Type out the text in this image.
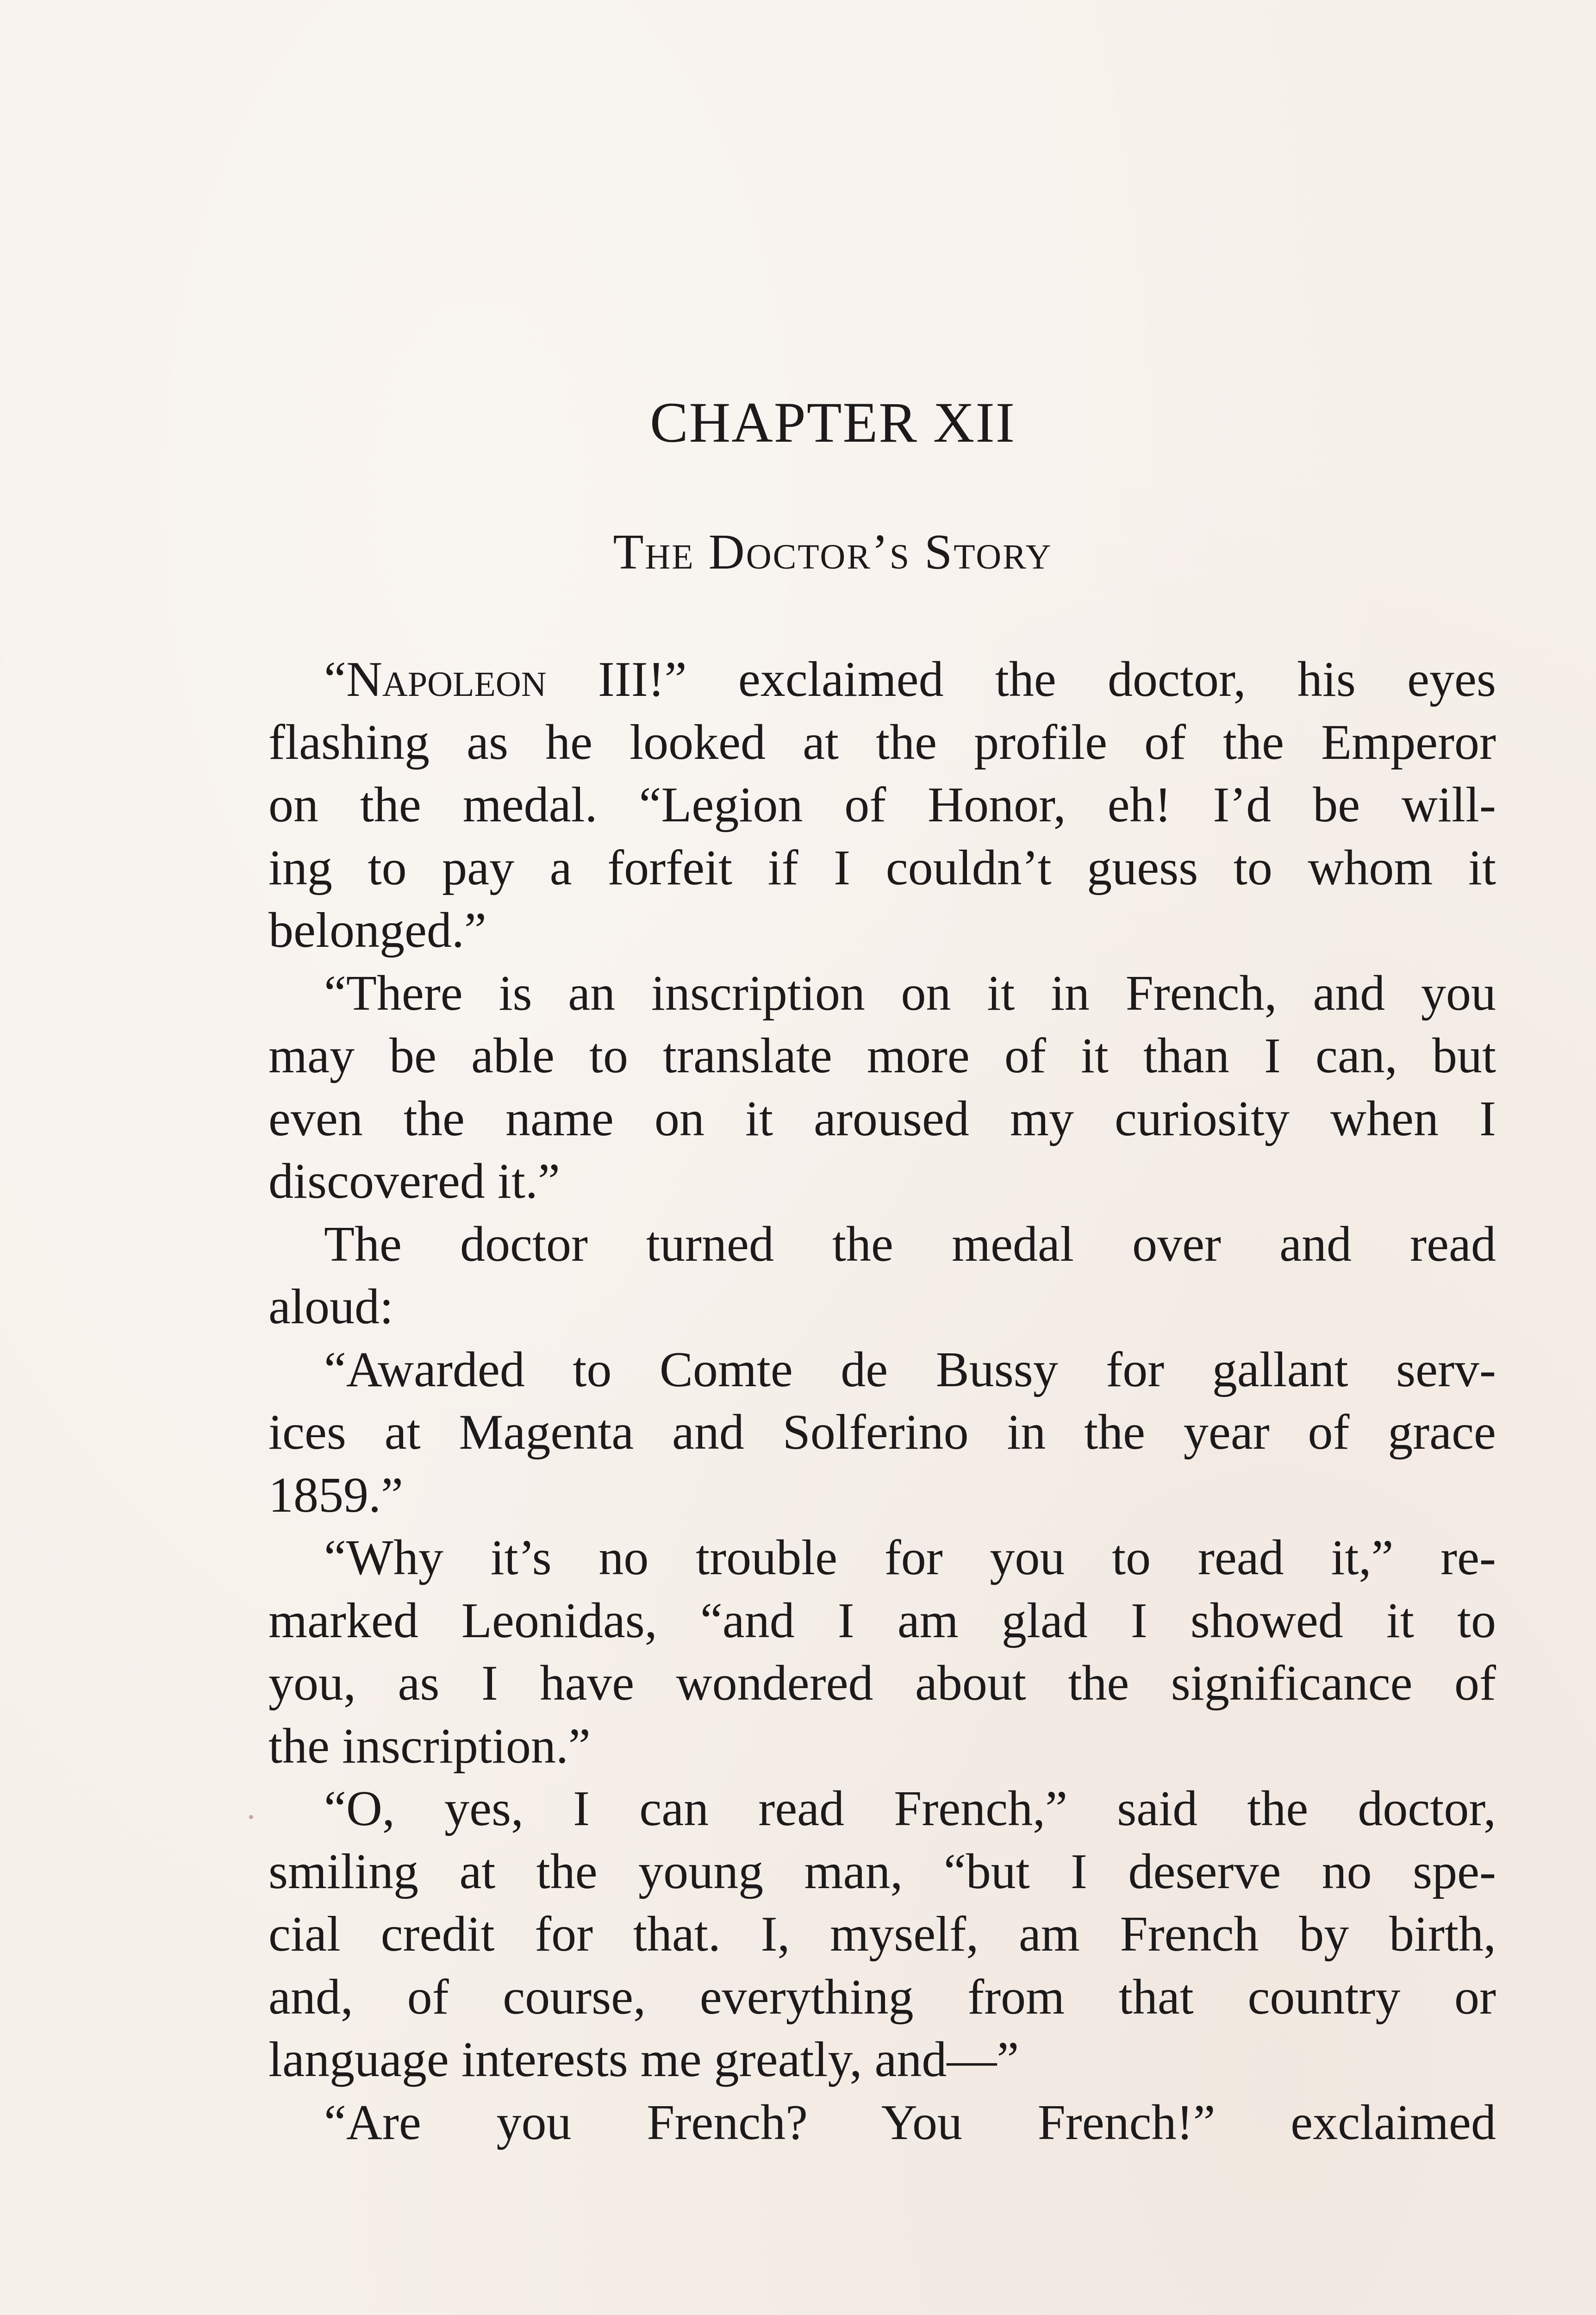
CHAPTER XII
The Doctor’s Story
“Napoleon III!” exclaimed the doctor, his eyes
flashing as he looked at the profile of the Emperor
on the medal. “Legion of Honor, eh! I’d be will-
ing to pay a forfeit if I couldn’t guess to whom it
belonged.”
“There is an inscription on it in French, and you
may be able to translate more of it than I can, but
even the name on it aroused my curiosity when I
discovered it.”
The doctor turned the medal over and read
aloud:
“Awarded to Comte de Bussy for gallant serv-
ices at Magenta and Solferino in the year of grace
1859.”
“Why it’s no trouble for you to read it,” re-
marked Leonidas, “and I am glad I showed it to
you, as I have wondered about the significance of
the inscription.”
“O, yes, I can read French,” said the doctor,
smiling at the young man, “but I deserve no spe-
cial credit for that. I, myself, am French by birth,
and, of course, everything from that country or
language interests me greatly, and—”
“Are you French? You French!” exclaimed
